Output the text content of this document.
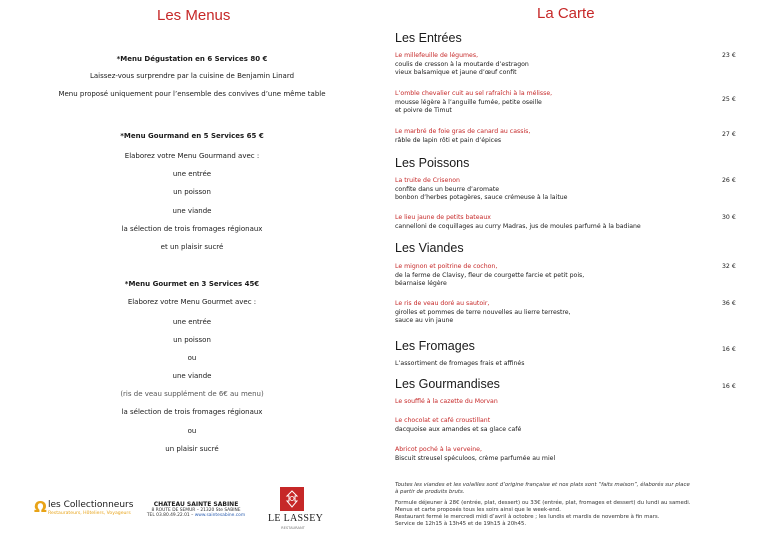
Les Menus
*Menu Dégustation en 6 Services 80 €
Laissez-vous surprendre par la cuisine de Benjamin Linard
Menu proposé uniquement pour l’ensemble des convives d’une même table
*Menu Gourmand en 5 Services 65 €
Elaborez votre Menu Gourmand avec :
une entrée
un poisson
une viande
la sélection de trois fromages régionaux
et un plaisir sucré
*Menu Gourmet en 3 Services 45€
Elaborez votre Menu Gourmet avec :
une entrée
un poisson
ou
une viande
(ris de veau supplément de 6€ au menu)
la sélection de trois fromages régionaux
ou
un plaisir sucré
Ω les Collectionneurs
Restaurateurs, Hôteliers, Voyageurs
CHATEAU SAINTE SABINE
8 ROUTE DE SEMUR – 21320 Ste SABINE
TEL 03.80.49.22.01 – www.saintesabine.com LE LASSEY
RESTAURANT
La Carte
Les Entrées
Le millefeuille de légumes,
coulis de cresson à la moutarde d’estragon
vieux balsamique et jaune d’œuf confit
23 €
L’omble chevalier cuit au sel rafraîchi à la mélisse,
mousse légère à l’anguille fumée, petite oseille
et poivre de Timut
25 €
Le marbré de foie gras de canard au cassis,
râble de lapin rôti et pain d’épices
27 €
Les Poissons
La truite de Crisenon
confite dans un beurre d’aromate
bonbon d’herbes potagères, sauce crémeuse à la laitue
26 €
Le lieu jaune de petits bateaux
cannelloni de coquillages au curry Madras, jus de moules parfumé à la badiane
30 €
Les Viandes
Le mignon et poitrine de cochon,
de la ferme de Clavisy, fleur de courgette farcie et petit pois,
béarnaise légère
32 €
Le ris de veau doré au sautoir,
girolles et pommes de terre nouvelles au lierre terrestre,
sauce au vin jaune
36 €
Les Fromages	16 €
L’assortiment de fromages frais et affinés
Les Gourmandises	16 €
Le soufflé à la cazette du Morvan
Le chocolat et café croustillant
dacquoise aux amandes et sa glace café
Abricot poché à la verveine,
Biscuit streusel spéculoos, crème parfumée au miel
Toutes les viandes et les volailles sont d’origine française et nos plats sont “faits maison”, élaborés sur place
à partir de produits bruts.
Formule déjeuner à 28€ (entrée, plat, dessert) ou 33€ (entrée, plat, fromages et dessert) du lundi au samedi.
Menus et carte proposés tous les soirs ainsi que le week-end.
Restaurant fermé le mercredi midi d’avril à octobre ; les lundis et mardis de novembre à fin mars.
Service de 12h15 à 13h45 et de 19h15 à 20h45.
